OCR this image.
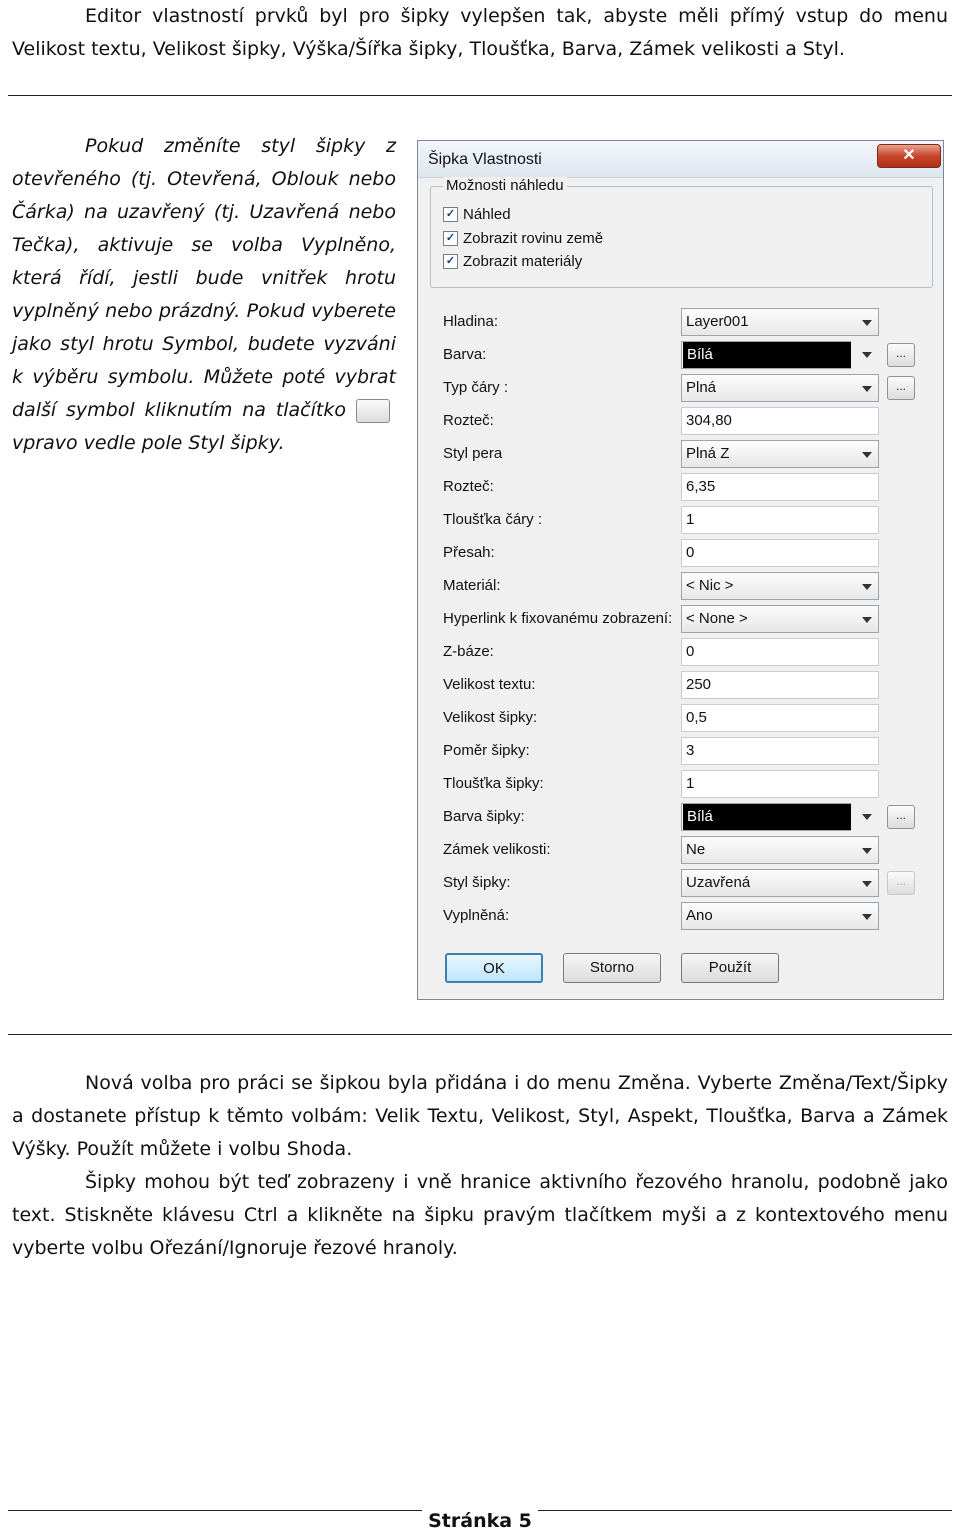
Editor vlastností prvků byl pro šipky vylepšen tak, abyste měli přímý vstup do menu Velikost textu, Velikost šipky, Výška/Šířka šipky, Tloušťka, Barva, Zámek velikosti a Styl.

Pokud změníte styl šipky z otevřeného (tj. Otevřená, Oblouk nebo Čárka) na uzavřený (tj. Uzavřená nebo Tečka), aktivuje se volba Vyplněno, která řídí, jestli bude vnitřek hrotu vyplněný nebo prázdný. Pokud vyberete jako styl hrotu Symbol, budete vyzváni k výběru symbolu. Můžete poté vybrat další symbol kliknutím na tlačítkovpravo vedle pole Styl šipky.

Šipka Vlastnosti	✕
Možnosti náhledu
✓ Náhled
✓ Zobrazit rovinu země
✓ Zobrazit materiály
Hladina:	Layer001
Barva:	Bílá	...
Typ čáry :	Plná	...
Rozteč:	304,80
Styl pera	Plná Z
Rozteč:	6,35
Tloušťka čáry :	1
Přesah:	0
Materiál:	< Nic >
Hyperlink k fixovanému zobrazení: < None >
Z-báze:	0
Velikost textu:	250
Velikost šipky:	0,5
Poměr šipky:	3
Tloušťka šipky:	1
Barva šipky:	Bílá	...
Zámek velikosti:	Ne
Styl šipky:	Uzavřená	...
Vyplněná:	Ano
OK	Storno	Použít

Nová volba pro práci se šipkou byla přidána i do menu Změna. Vyberte Změna/Text/Šipky a dostanete přístup k těmto volbám: Velik Textu, Velikost, Styl, Aspekt, Tloušťka, Barva a Zámek Výšky. Použít můžete i volbu Shoda.

Šipky mohou být teď zobrazeny i vně hranice aktivního řezového hranolu, podobně jako text. Stiskněte klávesu Ctrl a klikněte na šipku pravým tlačítkem myši a z kontextového menu vyberte volbu Ořezání/Ignoruje řezové hranoly.

Stránka 5
